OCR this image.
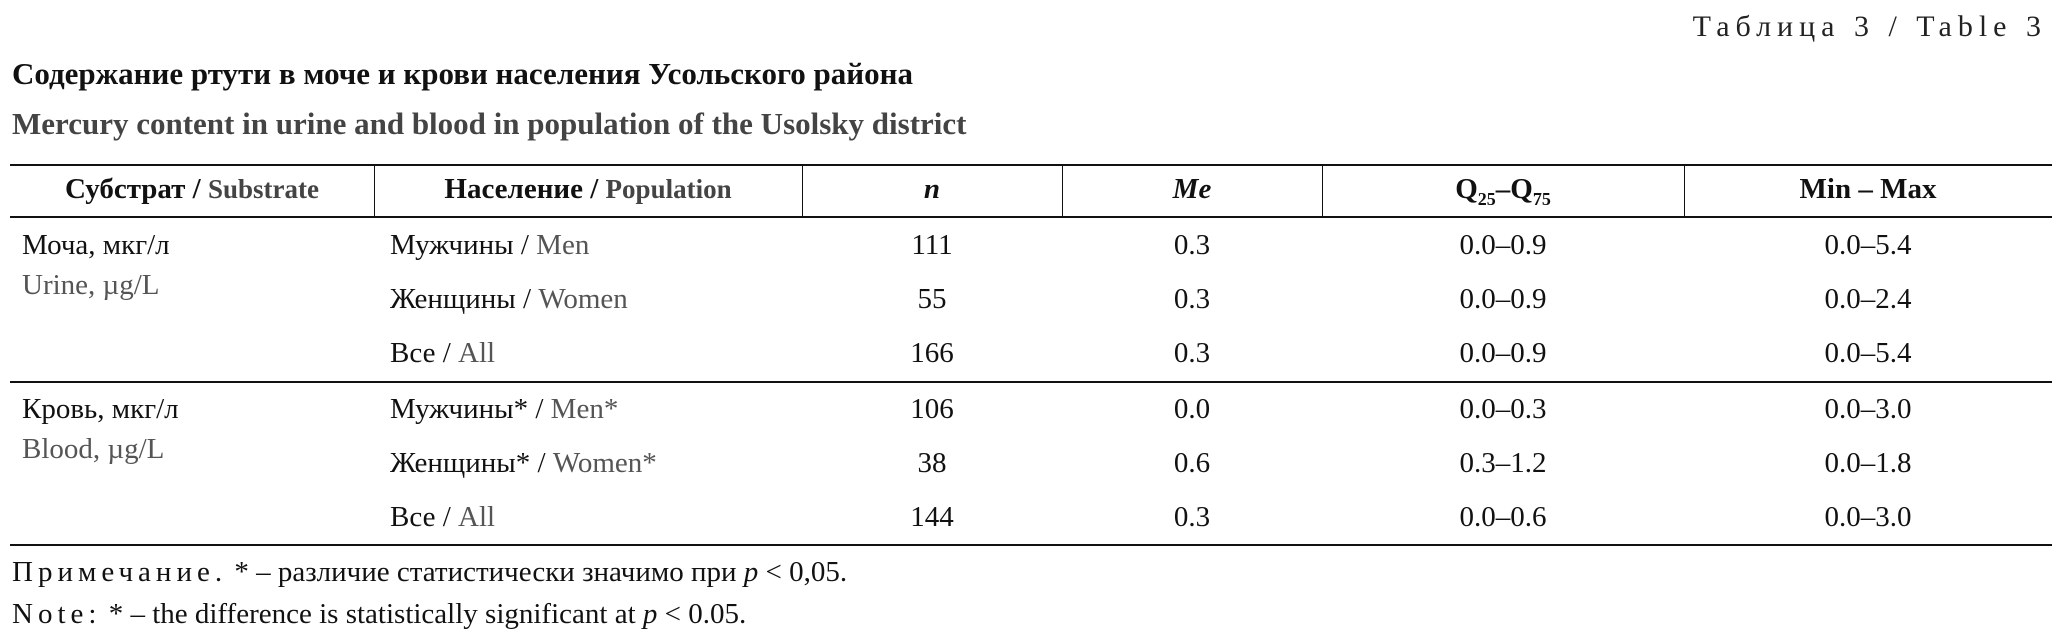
Таблица 3 / Table 3
Содержание ртути в моче и крови населения Усольского района
Mercury content in urine and blood in population of the Usolsky district
Субстрат / Substrate	Население / Population	n	Me	$Q_{25}-Q_{75}$	Min – Max
Моча, мкг/л
Urine, µg/L
Мужчины / Men	111	0.3	0.0–0.9	0.0–5.4
Женщины / Women	55	0.3	0.0–0.9	0.0–2.4
Все / All	166	0.3	0.0–0.9	0.0–5.4
Кровь, мкг/л
Blood, µg/L
Мужчины* / Men*	106	0.0	0.0–0.3	0.0–3.0
Женщины* / Women*	38	0.6	0.3–1.2	0.0–1.8
Все / All	144	0.3	0.0–0.6	0.0–3.0
Примечание. * – различие статистически значимо при p < 0,05.
Note: * – the difference is statistically significant at p < 0.05.
